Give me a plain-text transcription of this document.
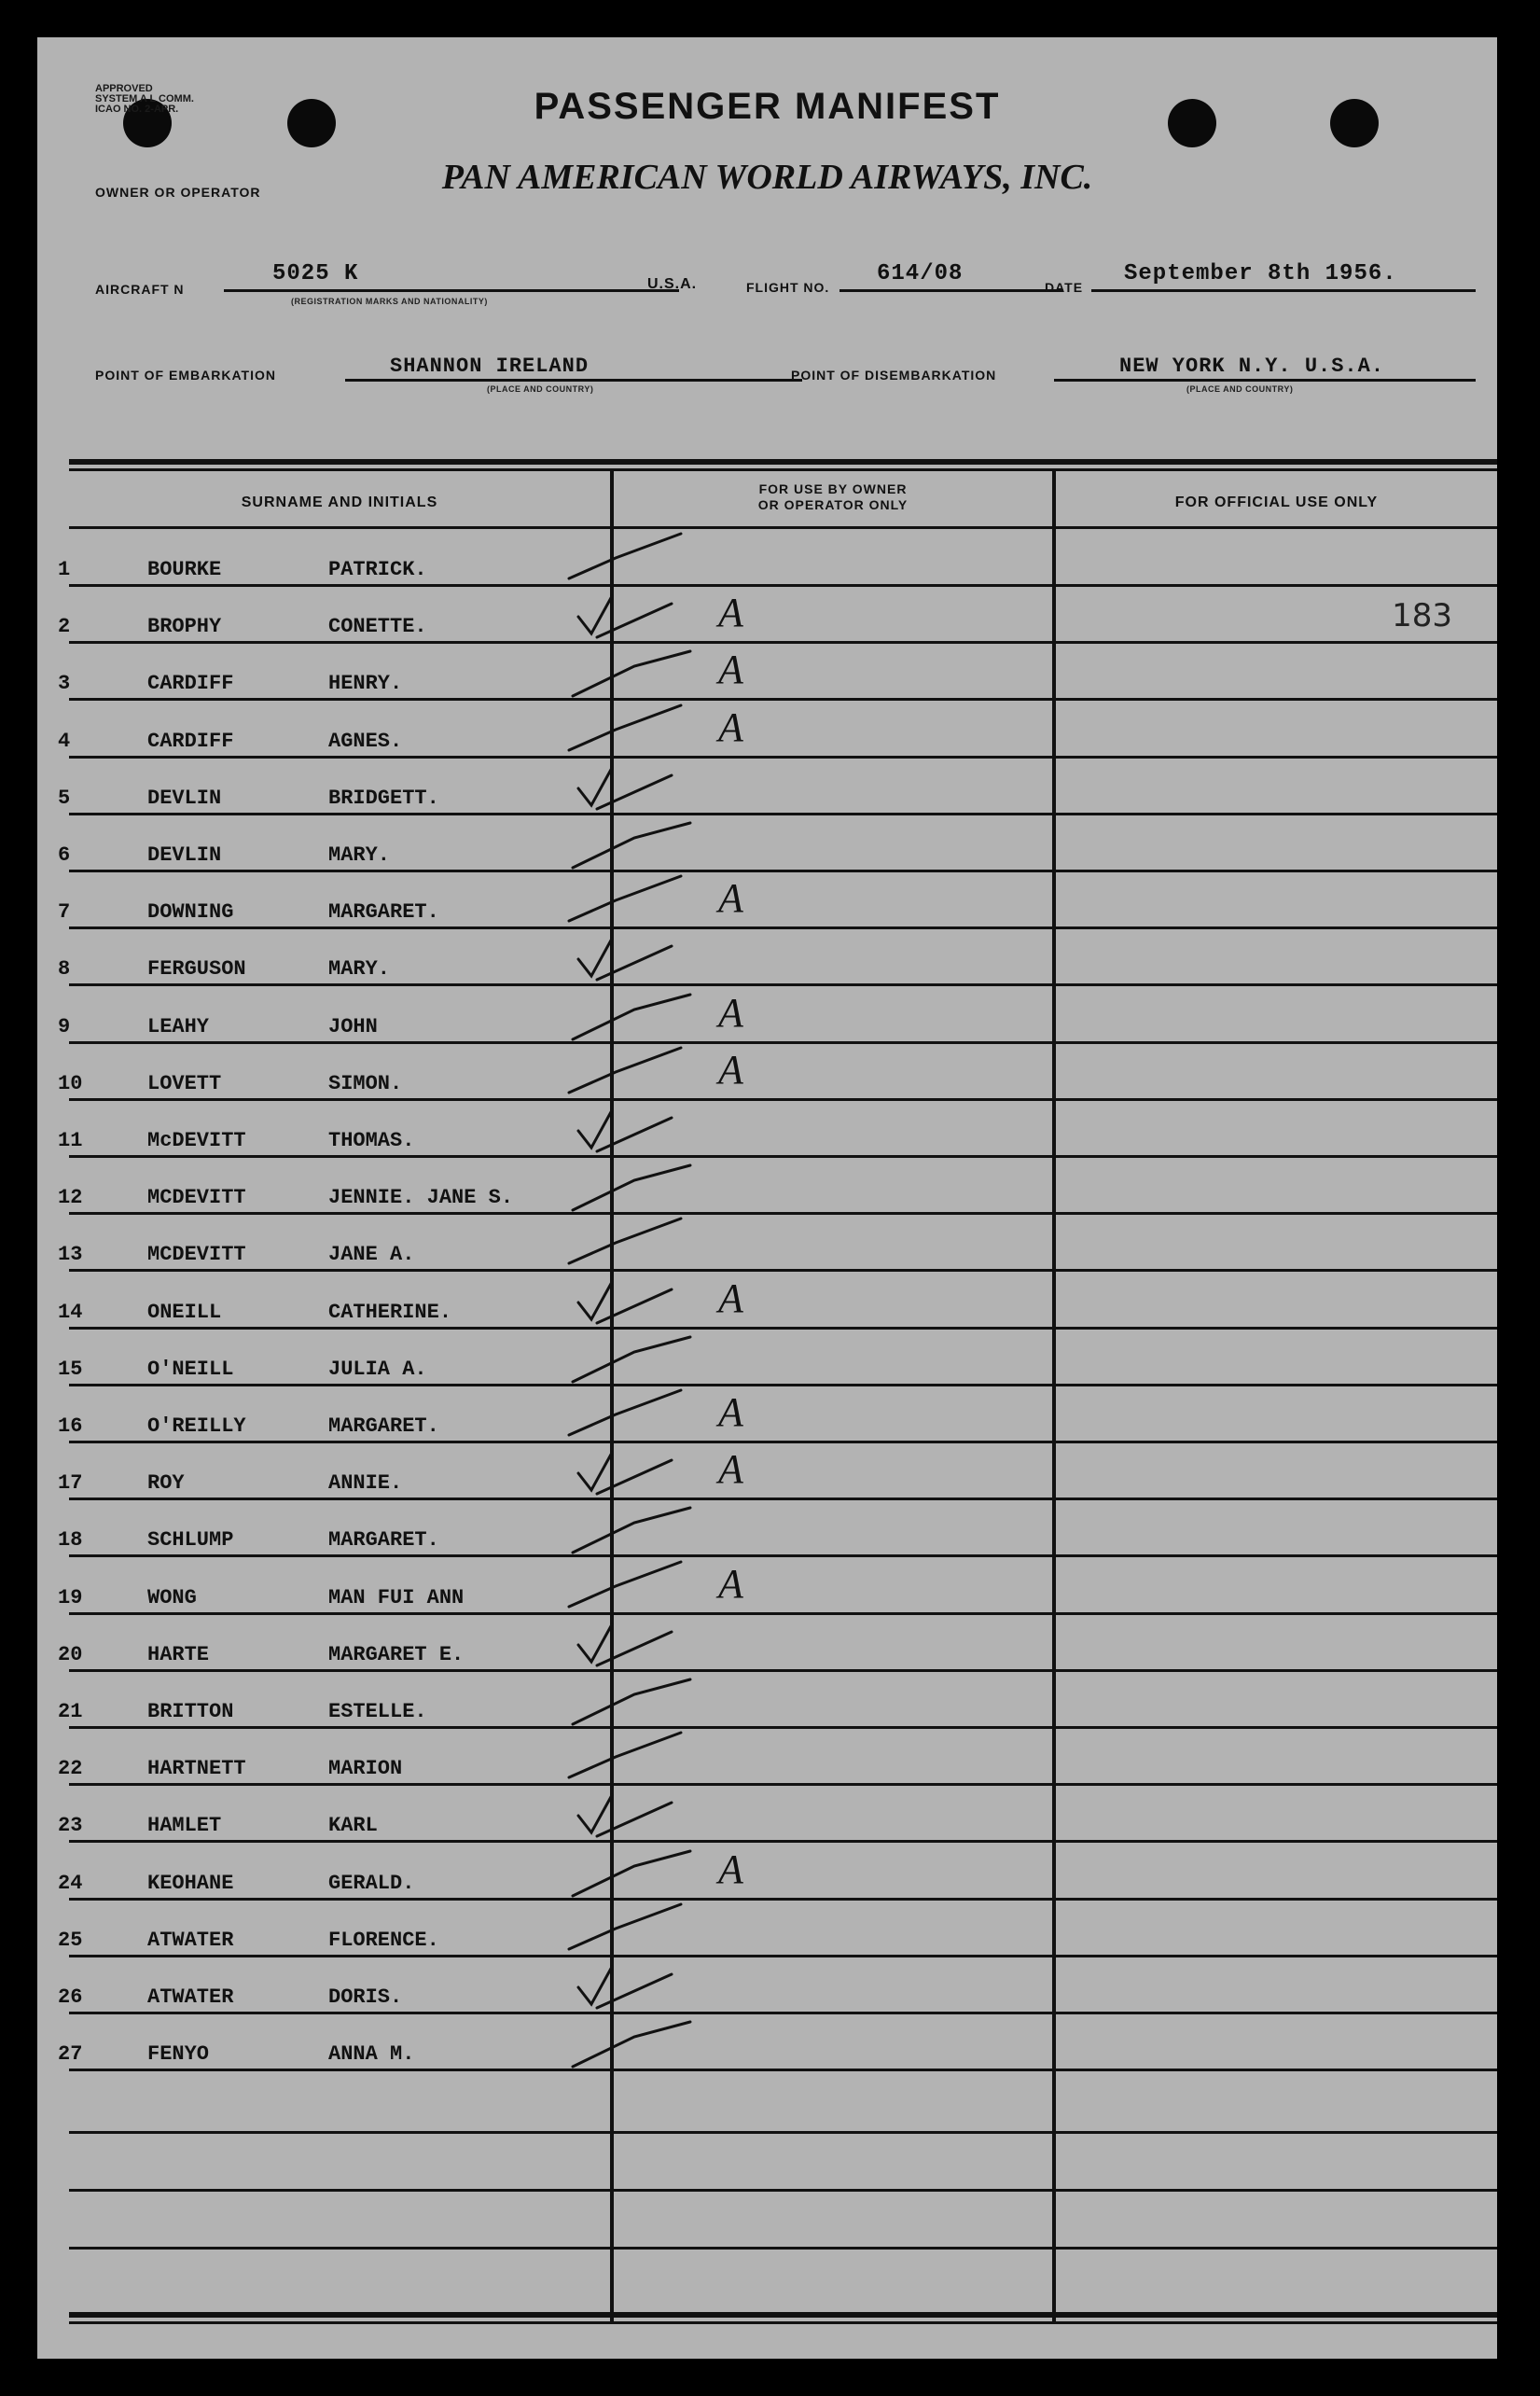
APPROVED
SYSTEM A L COMM.
ICAO NO. 2-APR.	PASSENGER MANIFEST
OWNER OR OPERATOR	PAN AMERICAN WORLD AIRWAYS, INC.
AIRCRAFT N
5025 K
(REGISTRATION MARKS AND NATIONALITY)
U.S.A.	FLIGHT NO.
614/08
DATE
September 8th 1956.
POINT OF EMBARKATION	SHANNON IRELAND
(PLACE AND COUNTRY)
POINT OF DISEMBARKATION	NEW YORK N.Y. U.S.A.
(PLACE AND COUNTRY)
SURNAME AND INITIALS
FOR USE BY OWNER
OR OPERATOR ONLY	FOR OFFICIAL USE ONLY
1	BOURKE	PATRICK.
2	BROPHY	CONETTE.	A	183
3	CARDIFF	HENRY.	A
4	CARDIFF	AGNES.	A
5	DEVLIN	BRIDGETT.
6	DEVLIN	MARY.
7	DOWNING	MARGARET.	A
8	FERGUSON	MARY.
9	LEAHY	JOHN	A
10	LOVETT	SIMON.	A
11	McDEVITT	THOMAS.
12	MCDEVITT	JENNIE. JANE S.
13	MCDEVITT	JANE A.
14	ONEILL	CATHERINE.	A
15	O'NEILL	JULIA A.
16	O'REILLY	MARGARET.	A
17	ROY	ANNIE.	A
18	SCHLUMP	MARGARET.
19	WONG	MAN FUI ANN	A
20	HARTE	MARGARET E.
21	BRITTON	ESTELLE.
22	HARTNETT	MARION
23	HAMLET	KARL
24	KEOHANE	GERALD.	A
25	ATWATER	FLORENCE.
26	ATWATER	DORIS.
27	FENYO	ANNA M.
